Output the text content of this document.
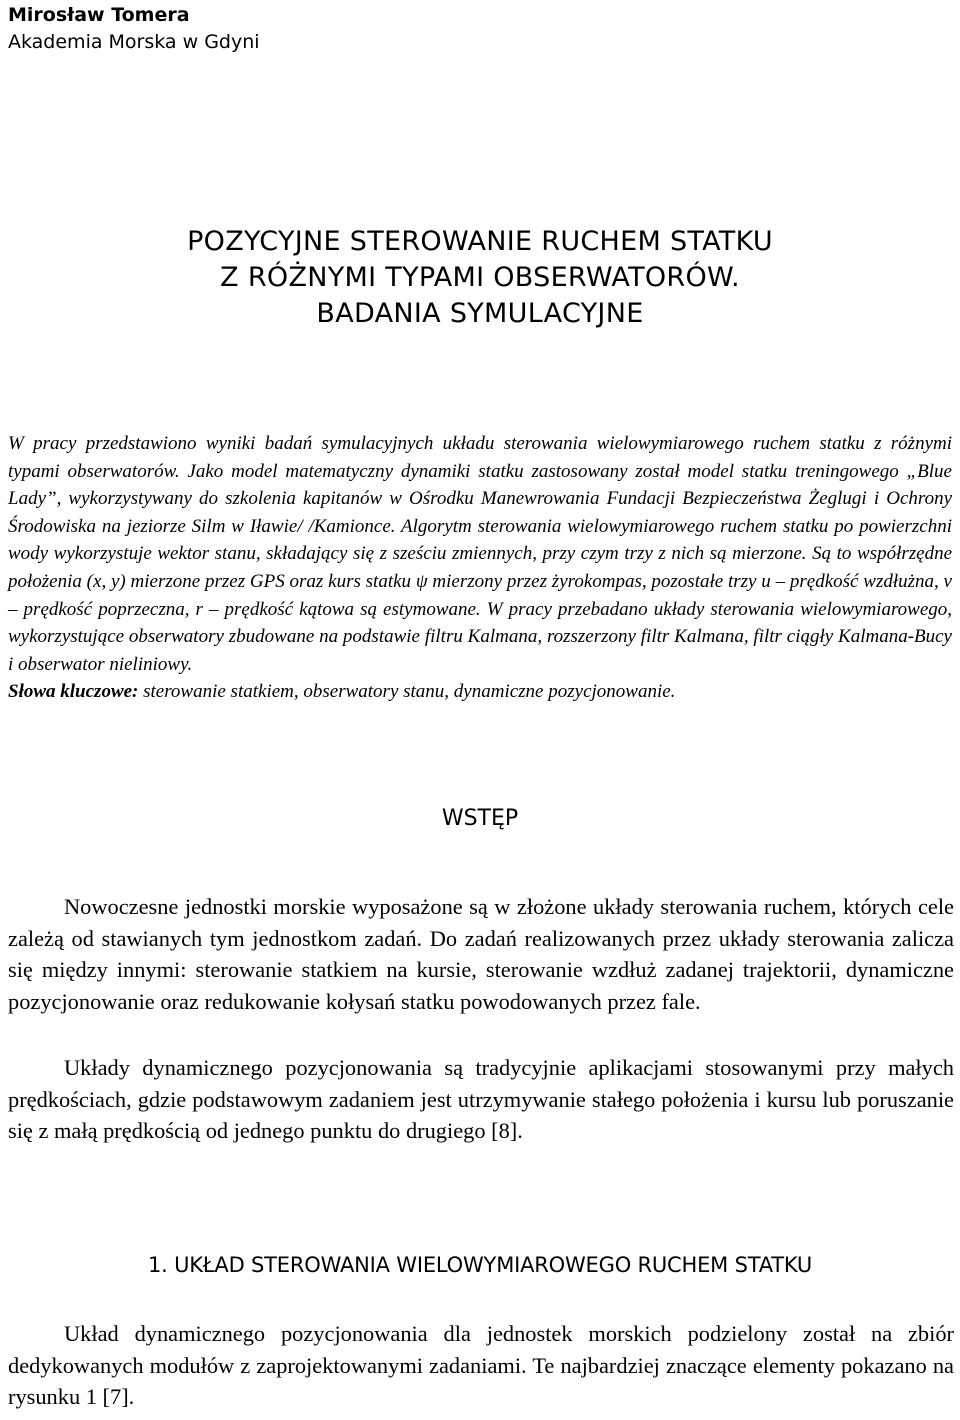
Mirosław Tomera
Akademia Morska w Gdyni
POZYCYJNE STEROWANIE RUCHEM STATKU
Z RÓŻNYMI TYPAMI OBSERWATORÓW.
BADANIA SYMULACYJNE
W pracy przedstawiono wyniki badań symulacyjnych układu sterowania wielowymiarowego ruchem statku z różnymi typami obserwatorów. Jako model matematyczny dynamiki statku zastosowany został model statku treningowego „Blue Lady”, wykorzystywany do szkolenia kapitanów w Ośrodku Manewrowania Fundacji Bezpieczeństwa Żeglugi i Ochrony Środowiska na jeziorze Silm w Iławie/ /Kamionce. Algorytm sterowania wielowymiarowego ruchem statku po powierzchni wody wykorzystuje wektor stanu, składający się z sześciu zmiennych, przy czym trzy z nich są mierzone. Są to współrzędne położenia (x, y) mierzone przez GPS oraz kurs statku ψ mierzony przez żyrokompas, pozostałe trzy u – prędkość wzdłużna, v – prędkość poprzeczna, r – prędkość kątowa są estymowane. W pracy przebadano układy sterowania wielowymiarowego, wykorzystujące obserwatory zbudowane na podstawie filtru Kalmana, rozszerzony filtr Kalmana, filtr ciągły Kalmana-Bucy i obserwator nieliniowy.
Słowa kluczowe: sterowanie statkiem, obserwatory stanu, dynamiczne pozycjonowanie.
WSTĘP
Nowoczesne jednostki morskie wyposażone są w złożone układy sterowania ruchem, których cele zależą od stawianych tym jednostkom zadań. Do zadań realizowanych przez układy sterowania zalicza się między innymi: sterowanie statkiem na kursie, sterowanie wzdłuż zadanej trajektorii, dynamiczne pozycjonowanie oraz redukowanie kołysań statku powodowanych przez fale.
Układy dynamicznego pozycjonowania są tradycyjnie aplikacjami stosowanymi przy małych prędkościach, gdzie podstawowym zadaniem jest utrzymywanie stałego położenia i kursu lub poruszanie się z małą prędkością od jednego punktu do drugiego [8].
1. UKŁAD STEROWANIA WIELOWYMIAROWEGO RUCHEM STATKU
Układ dynamicznego pozycjonowania dla jednostek morskich podzielony został na zbiór dedykowanych modułów z zaprojektowanymi zadaniami. Te najbardziej znaczące elementy pokazano na rysunku 1 [7].
